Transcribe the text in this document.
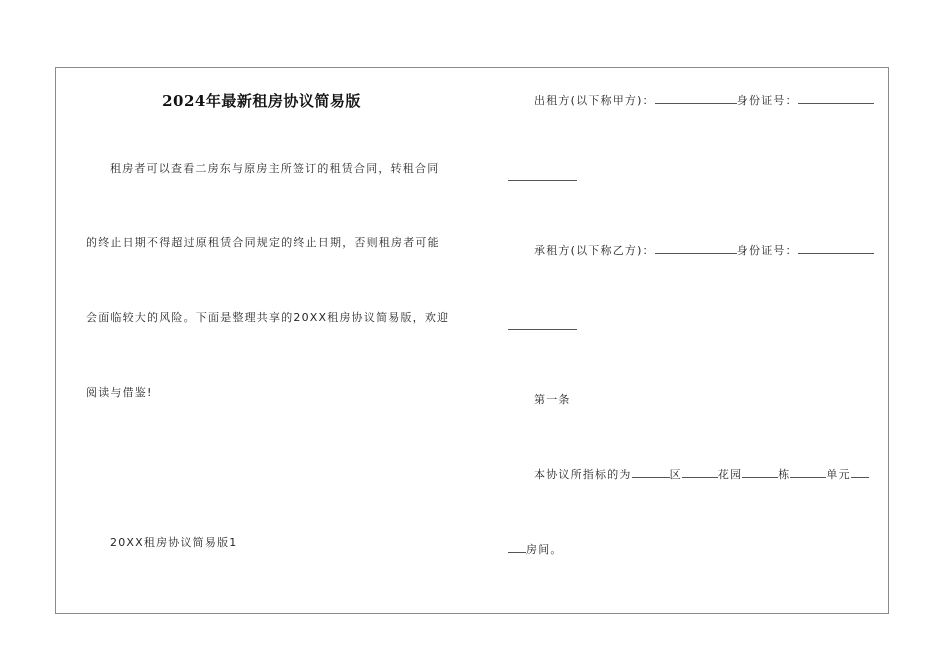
2024年最新租房协议简易版
租房者可以查看二房东与原房主所签订的租赁合同，转租合同
的终止日期不得超过原租赁合同规定的终止日期，否则租房者可能
会面临较大的风险。下面是整理共享的20XX租房协议简易版，欢迎
阅读与借鉴!
20XX租房协议简易版1
出租方(以下称甲方)：	身份证号：
承租方(以下称乙方)：	身份证号：
第一条
本协议所指标的为	区	花园	栋	单元
房间。
